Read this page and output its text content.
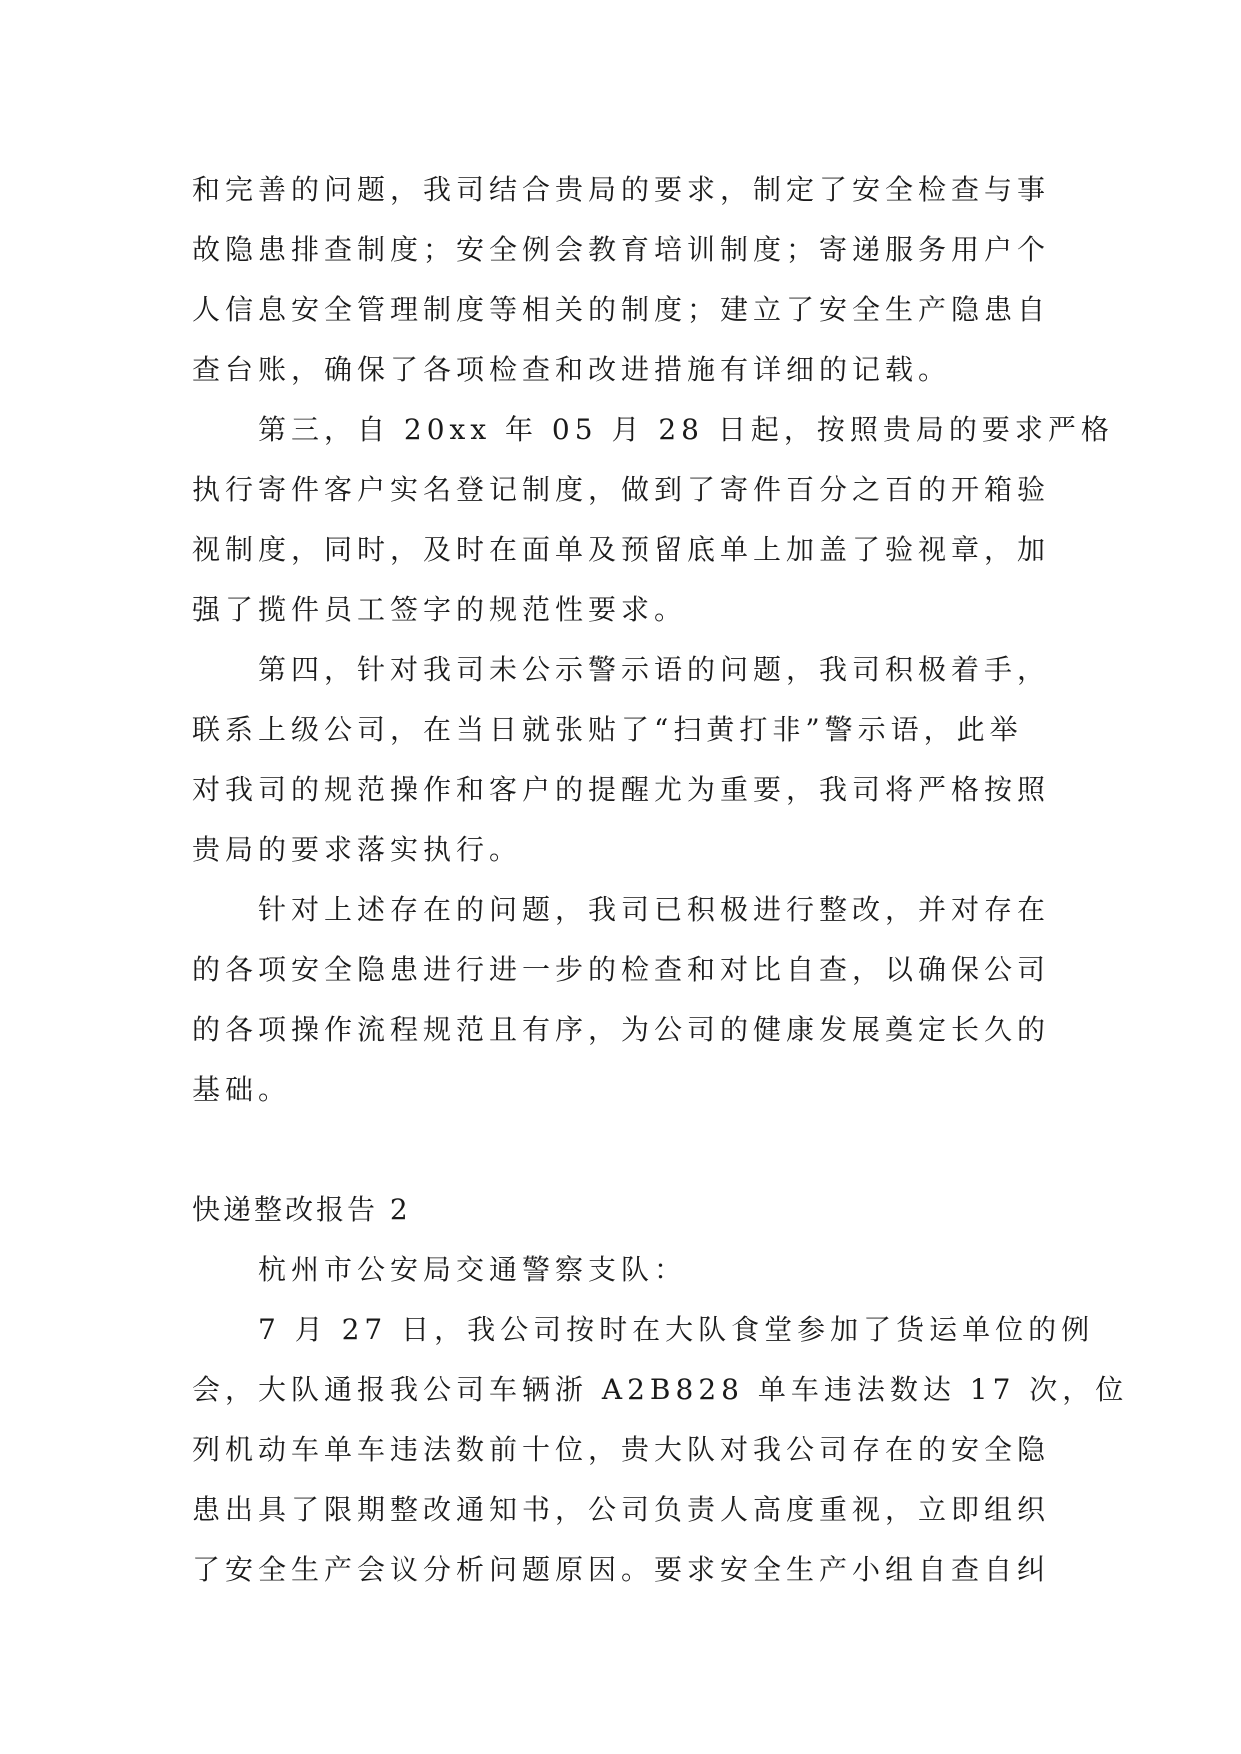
和完善的问题，我司结合贵局的要求，制定了安全检查与事
故隐患排查制度；安全例会教育培训制度；寄递服务用户个
人信息安全管理制度等相关的制度；建立了安全生产隐患自
查台账，确保了各项检查和改进措施有详细的记载。
　　第三，自 20xx 年 05 月 28 日起，按照贵局的要求严格
执行寄件客户实名登记制度，做到了寄件百分之百的开箱验
视制度，同时，及时在面单及预留底单上加盖了验视章，加
强了揽件员工签字的规范性要求。
　　第四，针对我司未公示警示语的问题，我司积极着手，
联系上级公司，在当日就张贴了“扫黄打非”警示语，此举
对我司的规范操作和客户的提醒尤为重要，我司将严格按照
贵局的要求落实执行。
　　针对上述存在的问题，我司已积极进行整改，并对存在
的各项安全隐患进行进一步的检查和对比自查，以确保公司
的各项操作流程规范且有序，为公司的健康发展奠定长久的
基础。
快递整改报告 2
　　杭州市公安局交通警察支队：
　　7 月 27 日，我公司按时在大队食堂参加了货运单位的例
会，大队通报我公司车辆浙 A2B828 单车违法数达 17 次，位
列机动车单车违法数前十位，贵大队对我公司存在的安全隐
患出具了限期整改通知书，公司负责人高度重视，立即组织
了安全生产会议分析问题原因。要求安全生产小组自查自纠
